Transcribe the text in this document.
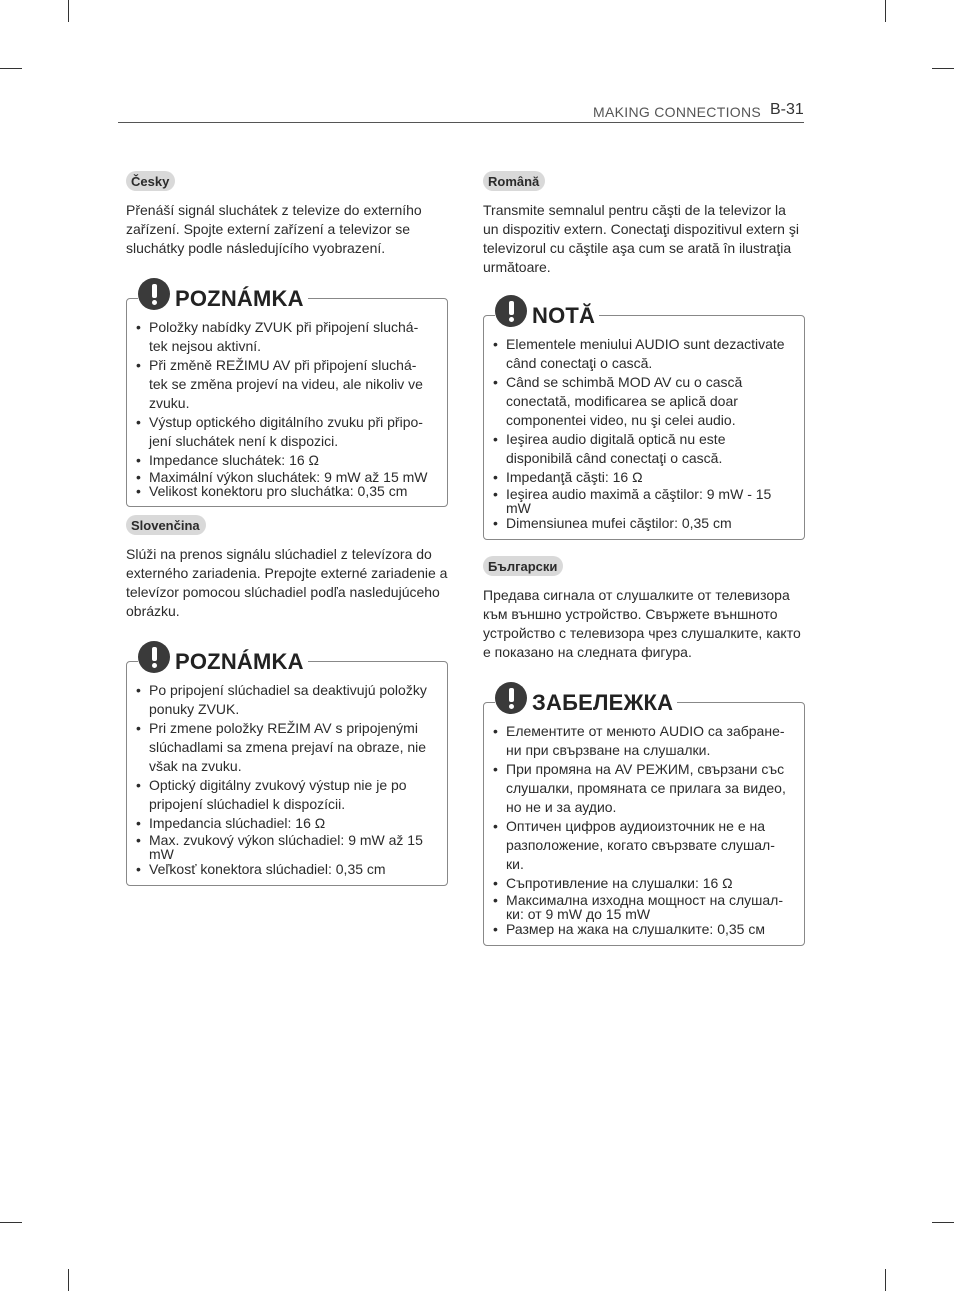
MAKING CONNECTIONS B-31
Česky
Přenáší signál sluchátek z televize do externího zařízení. Spojte externí zařízení a televizor se sluchátky podle následujícího vyobrazení.
• Položky nabídky ZVUK při připojení sluchá-tek nejsou aktivní.
• Při změně REŽIMU AV při připojení sluchá-tek se změna projeví na videu, ale nikoliv ve zvuku.
• Výstup optického digitálního zvuku při připo-jení sluchátek není k dispozici.
• Impedance sluchátek: 16 Ω
• Maximální výkon sluchátek: 9 mW až 15 mW
• Velikost konektoru pro sluchátka: 0,35 cm
POZNÁMKA
Slovenčina
Slúži na prenos signálu slúchadiel z televízora do externého zariadenia. Prepojte externé zariadenie a televízor pomocou slúchadiel podľa nasledujúceho obrázku.
• Po pripojení slúchadiel sa deaktivujú položky ponuky ZVUK.
• Pri zmene položky REŽIM AV s pripojenými slúchadlami sa zmena prejaví na obraze, nie však na zvuku.
• Optický digitálny zvukový výstup nie je po pripojení slúchadiel k dispozícii.
• Impedancia slúchadiel: 16 Ω
• Max. zvukový výkon slúchadiel: 9 mW až 15 mW
• Veľkosť konektora slúchadiel: 0,35 cm
POZNÁMKA
Română
Transmite semnalul pentru căşti de la televizor la un dispozitiv extern. Conectaţi dispozitivul extern şi televizorul cu căştile aşa cum se arată în ilustraţia următoare.
• Elementele meniului AUDIO sunt dezactivate când conectaţi o cască.
• Când se schimbă MOD AV cu o cască conectată, modificarea se aplică doar componentei video, nu şi celei audio.
• Ieşirea audio digitală optică nu este disponibilă când conectaţi o cască.
• Impedanţă căşti: 16 Ω
• Ieşirea audio maximă a căştilor: 9 mW - 15 mW
• Dimensiunea mufei căştilor: 0,35 cm
NOTĂ
Български
Предава сигнала от слушалките от телевизора към външно устройство. Свържете външното устройство с телевизора чрез слушалките, както е показано на следната фигура.
• Елементите от менюто AUDIO са забране-ни при свързване на слушалки.
• При промяна на AV РЕЖИМ, свързани със слушалки, промяната се прилага за видео, но не и за аудио.
• Оптичен цифров аудиоизточник не е на разположение, когато свързвате слушал-ки.
• Съпротивление на слушалки: 16 Ω
• Максимална изходна мощност на слушал-ки: от 9 mW до 15 mW
• Размер на жака на слушалките: 0,35 см
ЗАБЕЛЕЖКА
